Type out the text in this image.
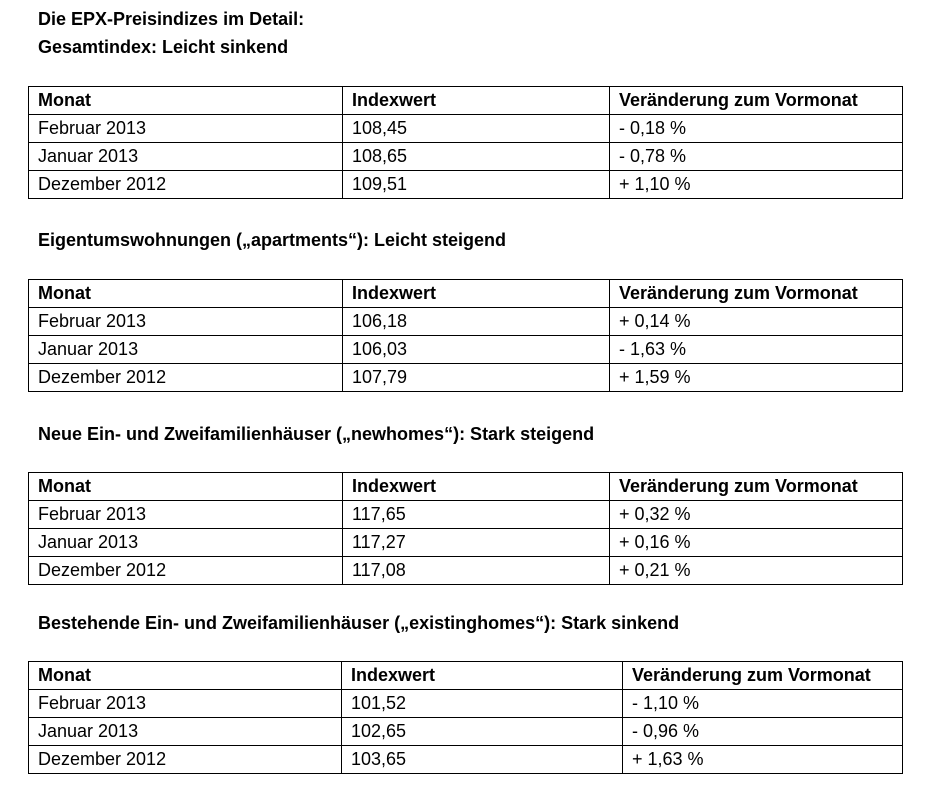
Die EPX-Preisindizes im Detail:
Gesamtindex: Leicht sinkend
Monat	Indexwert	Veränderung zum Vormonat
Februar 2013	108,45	- 0,18 %
Januar 2013	108,65	- 0,78 %
Dezember 2012	109,51	+ 1,10 %
Eigentumswohnungen („apartments“): Leicht steigend
Monat	Indexwert	Veränderung zum Vormonat
Februar 2013	106,18	+ 0,14 %
Januar 2013	106,03	- 1,63 %
Dezember 2012	107,79	+ 1,59 %
Neue Ein- und Zweifamilienhäuser („newhomes“): Stark steigend
Monat	Indexwert	Veränderung zum Vormonat
Februar 2013	117,65	+ 0,32 %
Januar 2013	117,27	+ 0,16 %
Dezember 2012	117,08	+ 0,21 %
Bestehende Ein- und Zweifamilienhäuser („existinghomes“): Stark sinkend
Monat	Indexwert	Veränderung zum Vormonat
Februar 2013	101,52	- 1,10 %
Januar 2013	102,65	- 0,96 %
Dezember 2012	103,65	+ 1,63 %
